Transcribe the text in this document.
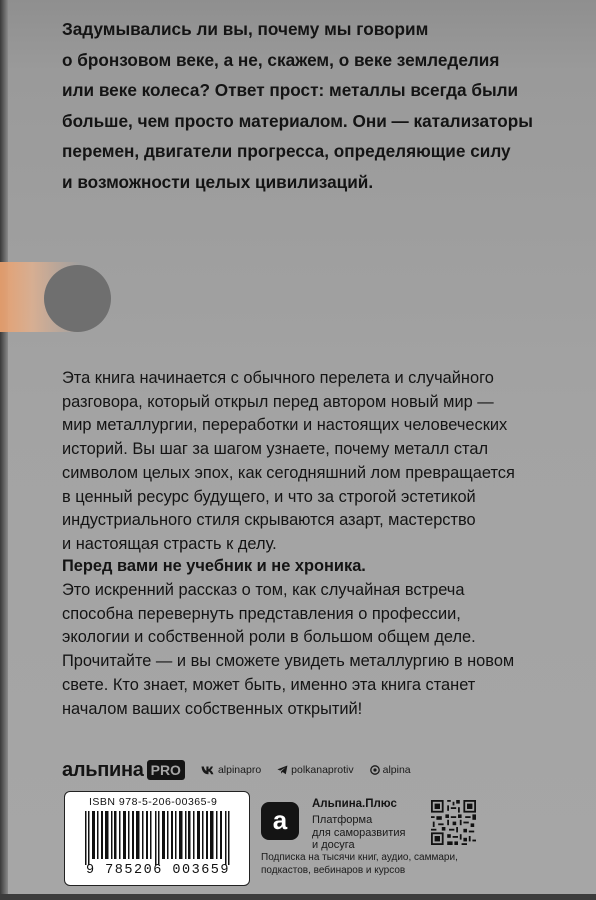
Задумывались ли вы, почему мы говорим
о бронзовом веке, а не, скажем, о веке земледелия
или веке колеса? Ответ прост: металлы всегда были
больше, чем просто материалом. Они — катализаторы
перемен, двигатели прогресса, определяющие силу
и возможности целых цивилизаций.

Эта книга начинается с обычного перелета и случайного
разговора, который открыл перед автором новый мир —
мир металлургии, переработки и настоящих человеческих
историй. Вы шаг за шагом узнаете, почему металл стал
символом целых эпох, как сегодняшний лом превращается
в ценный ресурс будущего, и что за строгой эстетикой
индустриального стиля скрываются азарт, мастерство
и настоящая страсть к делу.

Перед вами не учебник и не хроника.

Это искренний рассказ о том, как случайная встреча
способна перевернуть представления о профессии,
экологии и собственной роли в большом общем деле.
Прочитайте — и вы сможете увидеть металлургию в новом
свете. Кто знает, может быть, именно эта книга станет
началом ваших собственных открытий!

альпина PRO	alpinapro	polkanaprotiv	alpina
ISBN 978-5-206-00365-9
9 785206 003659
а
Альпина.Плюс
Платформа
для саморазвития
и досуга
Подписка на тысячи книг, аудио, саммари,
подкастов, вебинаров и курсов
